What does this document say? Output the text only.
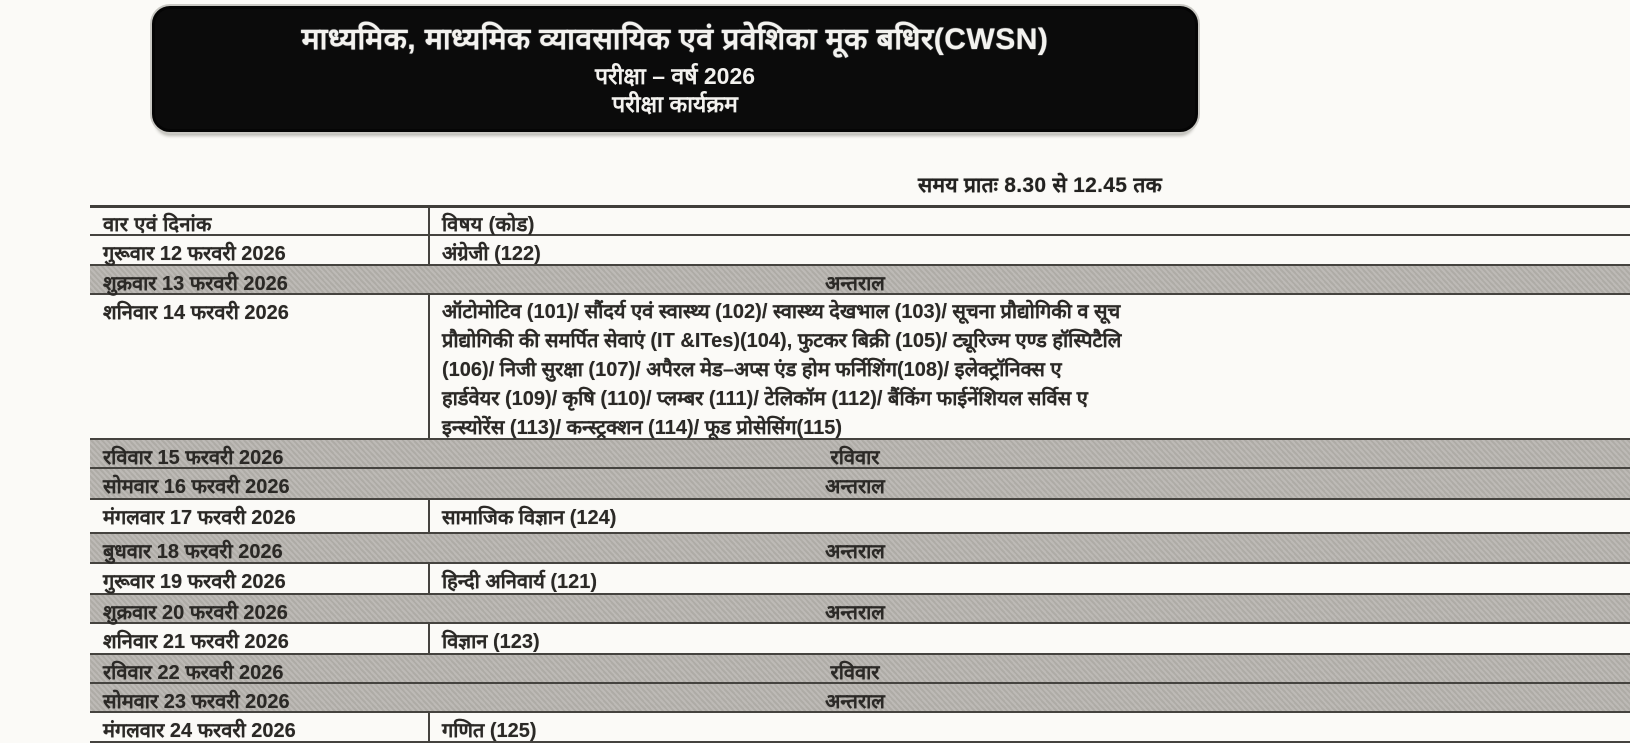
माध्यमिक, माध्यमिक व्यावसायिक एवं प्रवेशिका मूक बधिर(CWSN)
परीक्षा – वर्ष 2026
परीक्षा कार्यक्रम
समय प्रातः 8.30 से 12.45 तक
वार एवं दिनांक	विषय (कोड)
गुरूवार 12 फरवरी 2026	अंग्रेजी (122)
शुक्रवार 13 फरवरी 2026	अन्तराल
शनिवार 14 फरवरी 2026	ऑटोमोटिव (101)/ सौंदर्य एवं स्वास्थ्य (102)/ स्वास्थ्य देखभाल (103)/ सूचना प्रौद्योगिकी व सूच
प्रौद्योगिकी की समर्पित सेवाएं (IT &ITes)(104), फुटकर बिक्री (105)/ ट्यूरिज्म एण्ड हॉस्पिटैलि
(106)/ निजी सुरक्षा (107)/ अपैरल मेड–अप्स एंड होम फर्निशिंग(108)/ इलेक्ट्रॉनिक्स ए
हार्डवेयर (109)/ कृषि (110)/ प्लम्बर (111)/ टेलिकॉम (112)/ बैंकिंग फाईनेंशियल सर्विस ए
इन्स्योरेंस (113)/ कन्स्ट्रक्शन (114)/ फूड प्रोसेसिंग(115)
रविवार 15 फरवरी 2026	रविवार
सोमवार 16 फरवरी 2026	अन्तराल
मंगलवार 17 फरवरी 2026	सामाजिक विज्ञान (124)
बुधवार 18 फरवरी 2026	अन्तराल
गुरूवार 19 फरवरी 2026	हिन्दी अनिवार्य (121)
शुक्रवार 20 फरवरी 2026	अन्तराल
शनिवार 21 फरवरी 2026	विज्ञान (123)
रविवार 22 फरवरी 2026	रविवार
सोमवार 23 फरवरी 2026	अन्तराल
मंगलवार 24 फरवरी 2026	गणित (125)
